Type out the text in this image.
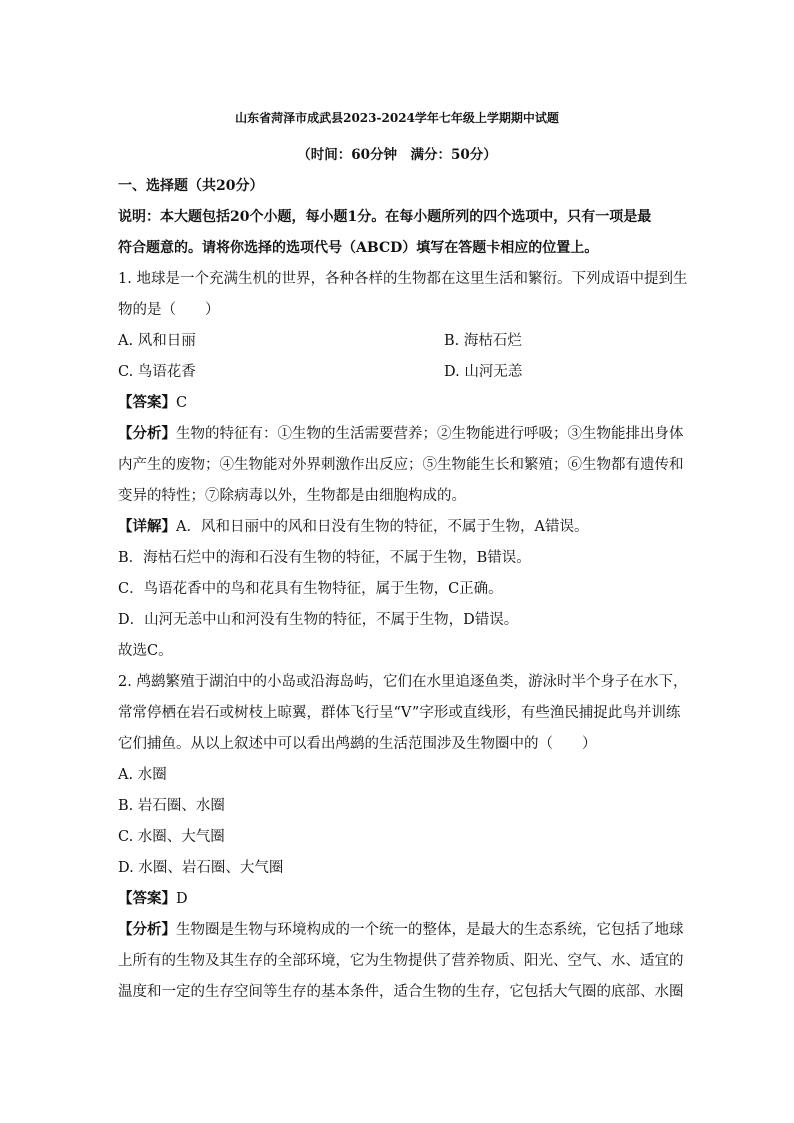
山东省菏泽市成武县2023-2024学年七年级上学期期中试题
（时间：60分钟　满分：50分）
一、选择题（共20分）
说明：本大题包括20个小题，每小题1分。在每小题所列的四个选项中，只有一项是最
符合题意的。请将你选择的选项代号（ABCD）填写在答题卡相应的位置上。
1. 地球是一个充满生机的世界，各种各样的生物都在这里生活和繁衍。下列成语中提到生
物的是（　　）
A. 风和日丽	B. 海枯石烂
C. 鸟语花香	D. 山河无恙
【答案】C
【分析】生物的特征有：①生物的生活需要营养；②生物能进行呼吸；③生物能排出身体
内产生的废物；④生物能对外界刺激作出反应；⑤生物能生长和繁殖；⑥生物都有遗传和
变异的特性；⑦除病毒以外，生物都是由细胞构成的。
【详解】A．风和日丽中的风和日没有生物的特征，不属于生物，A错误。
B．海枯石烂中的海和石没有生物的特征，不属于生物，B错误。
C．鸟语花香中的鸟和花具有生物特征，属于生物，C正确。
D．山河无恙中山和河没有生物的特征，不属于生物，D错误。
故选C。
2. 鸬鹚繁殖于湖泊中的小岛或沿海岛屿，它们在水里追逐鱼类，游泳时半个身子在水下，
常常停栖在岩石或树枝上晾翼，群体飞行呈“V”字形或直线形，有些渔民捕捉此鸟并训练
它们捕鱼。从以上叙述中可以看出鸬鹚的生活范围涉及生物圈中的（　　）
A. 水圈
B. 岩石圈、水圈
C. 水圈、大气圈
D. 水圈、岩石圈、大气圈
【答案】D
【分析】生物圈是生物与环境构成的一个统一的整体，是最大的生态系统，它包括了地球
上所有的生物及其生存的全部环境，它为生物提供了营养物质、阳光、空气、水、适宜的
温度和一定的生存空间等生存的基本条件，适合生物的生存，它包括大气圈的底部、水圈
